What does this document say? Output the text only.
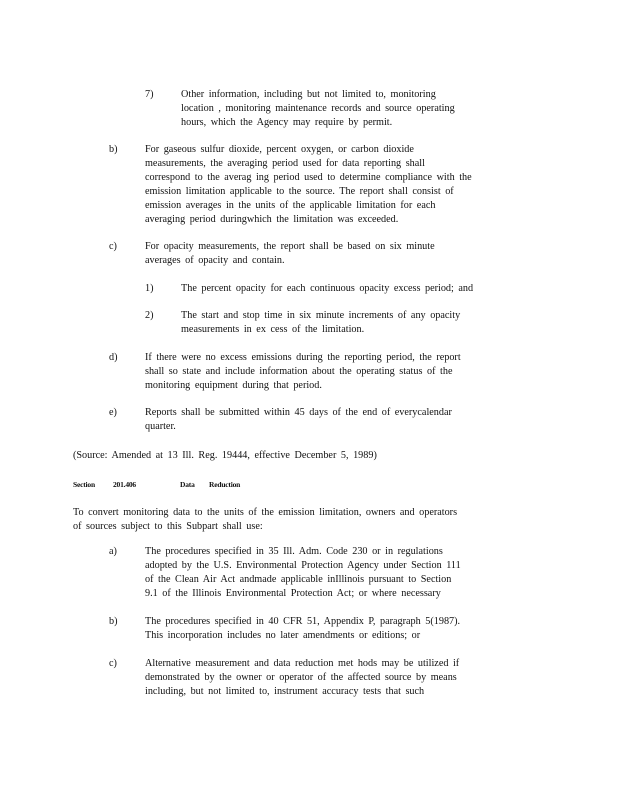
7)	Other information, including but not limited to, monitoring
location , monitoring maintenance records and source operating
hours, which the Agency may require by permit.
b)	For gaseous sulfur dioxide, percent oxygen, or carbon dioxide
measurements, the averaging period used for data reporting shall
correspond to the averag ing period used to determine compliance with the
emission limitation applicable to the source. The report shall consist of
emission averages in the units of the applicable limitation for each
averaging period duringwhich the limitation was exceeded.
c)	For opacity measurements, the report shall be based on six minute
averages of opacity and contain.
1)	The percent opacity for each continuous opacity excess period; and
2)	The start and stop time in six minute increments of any opacity
measurements in ex cess of the limitation.
d)	If there were no excess emissions during the reporting period, the report
shall so state and include information about the operating status of the
monitoring equipment during that period.
e)	Reports shall be submitted within 45 days of the end of everycalendar
quarter.
(Source: Amended at 13 Ill. Reg. 19444, effective December 5, 1989)
Section 201.406	Data Reduction
To convert monitoring data to the units of the emission limitation, owners and operators
of sources subject to this Subpart shall use:
a)	The procedures specified in 35 Ill. Adm. Code 230 or in regulations
adopted by the U.S. Environmental Protection Agency under Section 111
of the Clean Air Act andmade applicable inIllinois pursuant to Section
9.1 of the Illinois Environmental Protection Act; or where necessary
b)	The procedures specified in 40 CFR 51, Appendix P, paragraph 5(1987).
This incorporation includes no later amendments or editions; or
c)	Alternative measurement and data reduction met hods may be utilized if
demonstrated by the owner or operator of the affected source by means
including, but not limited to, instrument accuracy tests that such
